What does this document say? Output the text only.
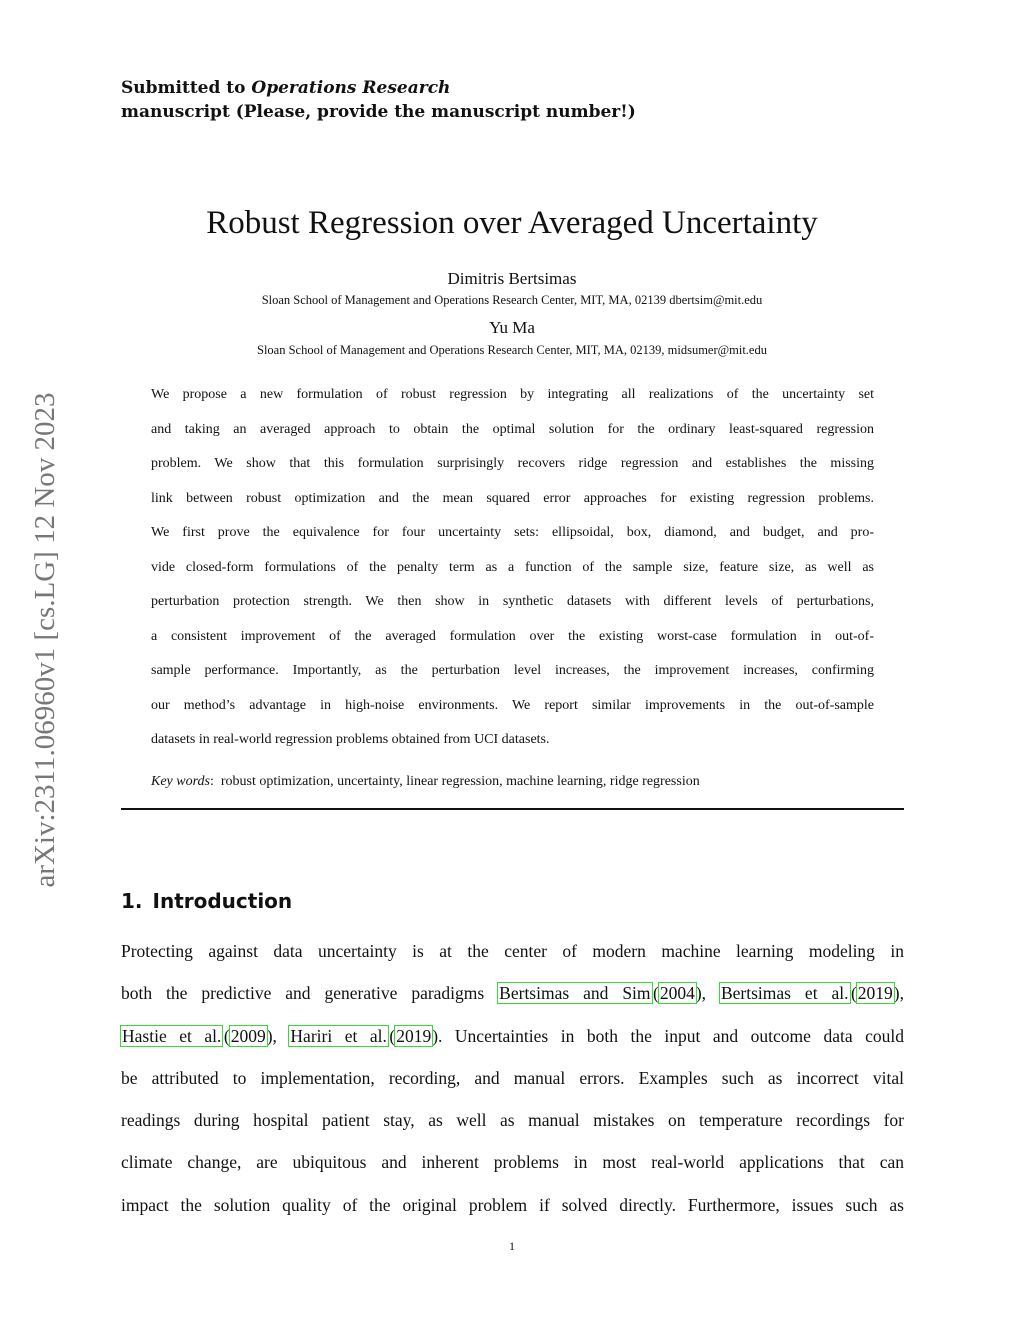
Submitted to Operations Research
manuscript (Please, provide the manuscript number!)
arXiv:2311.06960v1 [cs.LG] 12 Nov 2023
Robust Regression over Averaged Uncertainty
Dimitris Bertsimas
Sloan School of Management and Operations Research Center, MIT, MA, 02139 dbertsim@mit.edu
Yu Ma
Sloan School of Management and Operations Research Center, MIT, MA, 02139, midsumer@mit.edu
We propose a new formulation of robust regression by integrating all realizations of the uncertainty set
and taking an averaged approach to obtain the optimal solution for the ordinary least-squared regression
problem. We show that this formulation surprisingly recovers ridge regression and establishes the missing
link between robust optimization and the mean squared error approaches for existing regression problems.
We first prove the equivalence for four uncertainty sets: ellipsoidal, box, diamond, and budget, and pro-
vide closed-form formulations of the penalty term as a function of the sample size, feature size, as well as
perturbation protection strength. We then show in synthetic datasets with different levels of perturbations,
a consistent improvement of the averaged formulation over the existing worst-case formulation in out-of-
sample performance. Importantly, as the perturbation level increases, the improvement increases, confirming
our method’s advantage in high-noise environments. We report similar improvements in the out-of-sample
datasets in real-world regression problems obtained from UCI datasets.
Key words: robust optimization, uncertainty, linear regression, machine learning, ridge regression
1. Introduction
Protecting against data uncertainty is at the center of modern machine learning modeling in
both the predictive and generative paradigms Bertsimas and Sim (2004), Bertsimas et al. (2019),
Hastie et al. (2009), Hariri et al. (2019). Uncertainties in both the input and outcome data could
be attributed to implementation, recording, and manual errors. Examples such as incorrect vital
readings during hospital patient stay, as well as manual mistakes on temperature recordings for
climate change, are ubiquitous and inherent problems in most real-world applications that can
impact the solution quality of the original problem if solved directly. Furthermore, issues such as
1
